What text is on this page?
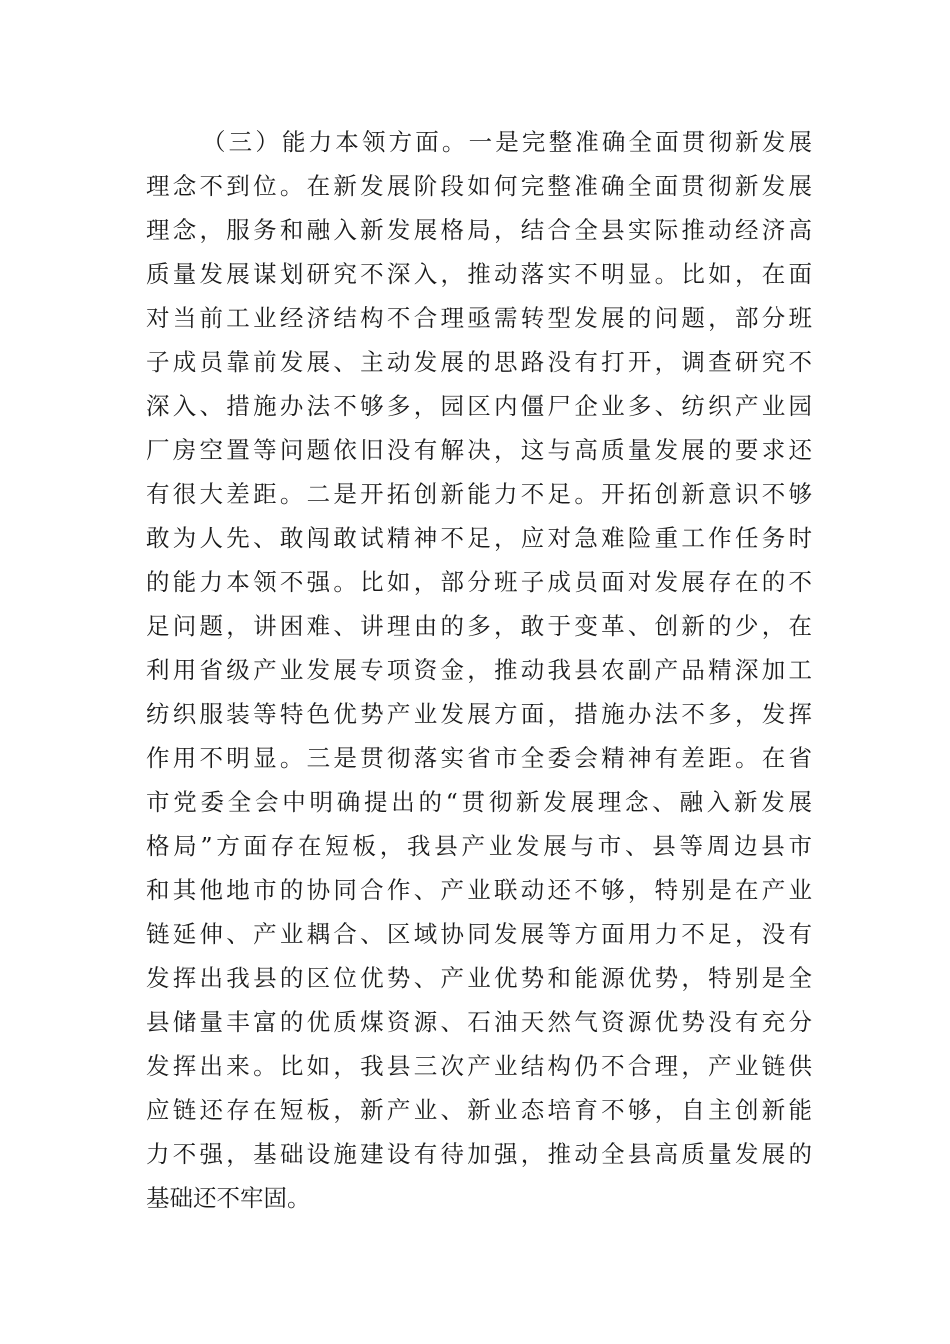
（三）能力本领方面。一是完整准确全面贯彻新发展
理念不到位。在新发展阶段如何完整准确全面贯彻新发展
理念，服务和融入新发展格局，结合全县实际推动经济高
质量发展谋划研究不深入，推动落实不明显。比如，在面
对当前工业经济结构不合理亟需转型发展的问题，部分班
子成员靠前发展、主动发展的思路没有打开，调查研究不
深入、措施办法不够多，园区内僵尸企业多、纺织产业园
厂房空置等问题依旧没有解决，这与高质量发展的要求还
有很大差距。二是开拓创新能力不足。开拓创新意识不够
敢为人先、敢闯敢试精神不足，应对急难险重工作任务时
的能力本领不强。比如，部分班子成员面对发展存在的不
足问题，讲困难、讲理由的多，敢于变革、创新的少，在
利用省级产业发展专项资金，推动我县农副产品精深加工
纺织服装等特色优势产业发展方面，措施办法不多，发挥
作用不明显。三是贯彻落实省市全委会精神有差距。在省
市党委全会中明确提出的“贯彻新发展理念、融入新发展
格局”方面存在短板，我县产业发展与市、县等周边县市
和其他地市的协同合作、产业联动还不够，特别是在产业
链延伸、产业耦合、区域协同发展等方面用力不足，没有
发挥出我县的区位优势、产业优势和能源优势，特别是全
县储量丰富的优质煤资源、石油天然气资源优势没有充分
发挥出来。比如，我县三次产业结构仍不合理，产业链供
应链还存在短板，新产业、新业态培育不够，自主创新能
力不强，基础设施建设有待加强，推动全县高质量发展的
基础还不牢固。
